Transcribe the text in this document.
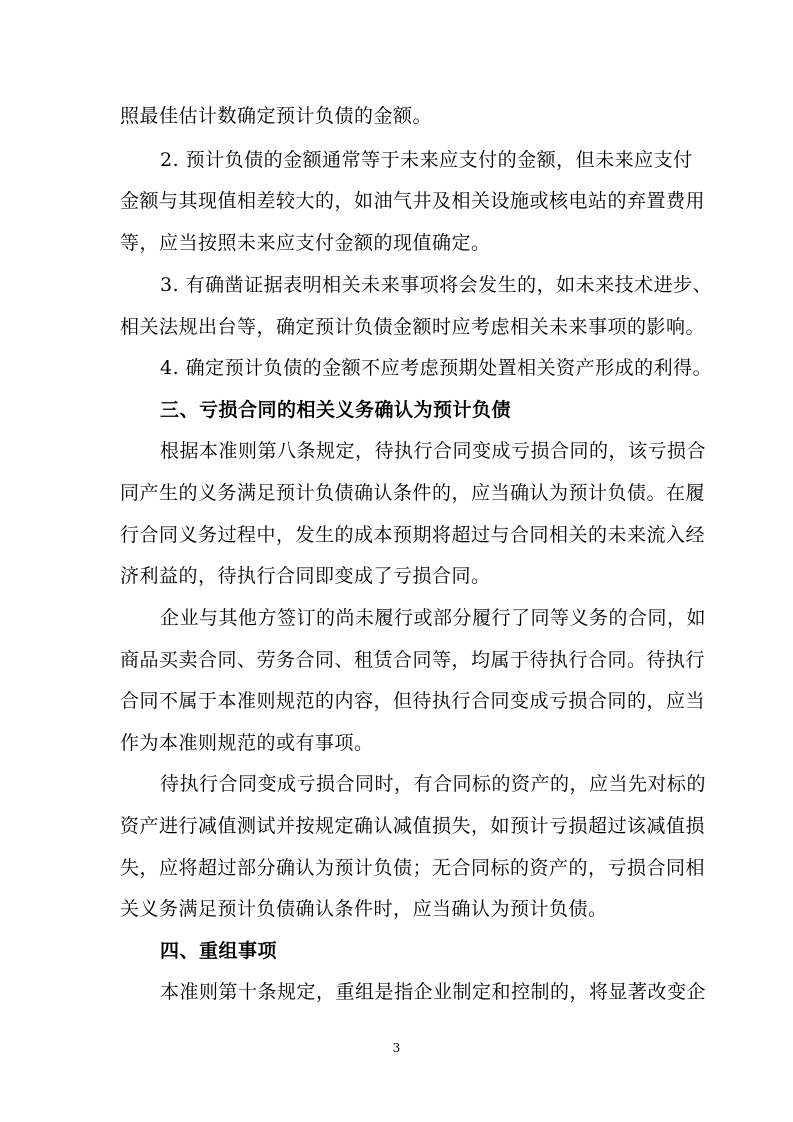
照最佳估计数确定预计负债的金额。
2. 预计负债的金额通常等于未来应支付的金额，但未来应支付
金额与其现值相差较大的，如油气井及相关设施或核电站的弃置费用
等，应当按照未来应支付金额的现值确定。
3. 有确凿证据表明相关未来事项将会发生的，如未来技术进步、
相关法规出台等，确定预计负债金额时应考虑相关未来事项的影响。
4. 确定预计负债的金额不应考虑预期处置相关资产形成的利得。
三、亏损合同的相关义务确认为预计负债
根据本准则第八条规定，待执行合同变成亏损合同的，该亏损合
同产生的义务满足预计负债确认条件的，应当确认为预计负债。在履
行合同义务过程中，发生的成本预期将超过与合同相关的未来流入经
济利益的，待执行合同即变成了亏损合同。
企业与其他方签订的尚未履行或部分履行了同等义务的合同，如
商品买卖合同、劳务合同、租赁合同等，均属于待执行合同。待执行
合同不属于本准则规范的内容，但待执行合同变成亏损合同的，应当
作为本准则规范的或有事项。
待执行合同变成亏损合同时，有合同标的资产的，应当先对标的
资产进行减值测试并按规定确认减值损失，如预计亏损超过该减值损
失，应将超过部分确认为预计负债；无合同标的资产的，亏损合同相
关义务满足预计负债确认条件时，应当确认为预计负债。
四、重组事项
本准则第十条规定，重组是指企业制定和控制的，将显著改变企
3
